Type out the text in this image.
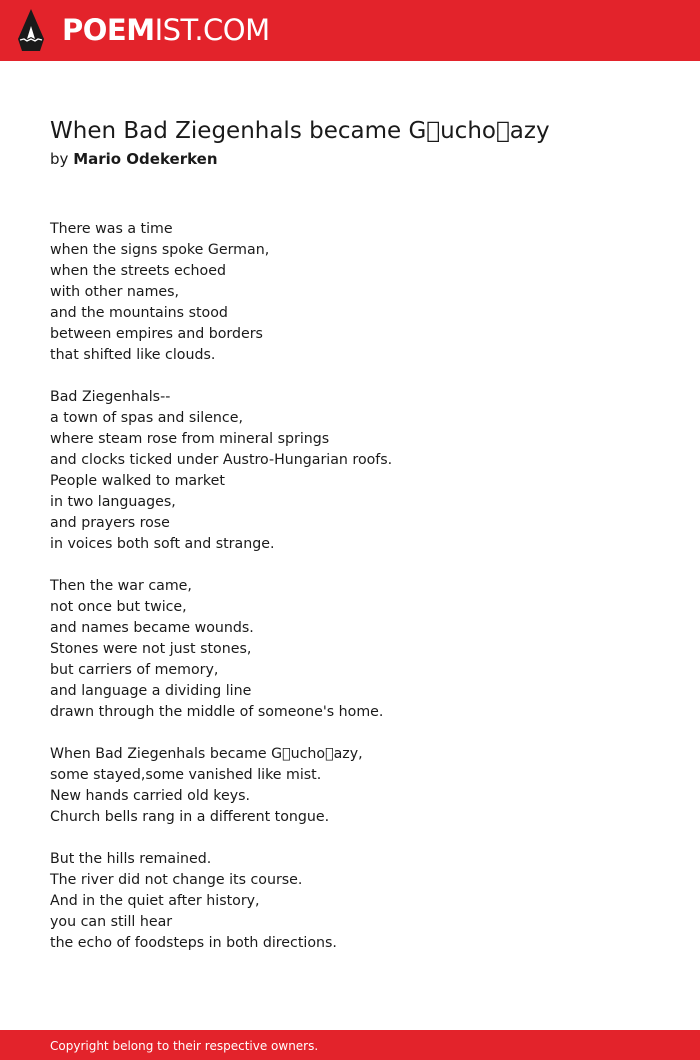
POEMIST.COM
When Bad Ziegenhals became G ucho azy
by Mario Odekerken
There was a time
when the signs spoke German,
when the streets echoed
with other names,
and the mountains stood
between empires and borders
that shifted like clouds.
Bad Ziegenhals--
a town of spas and silence,
where steam rose from mineral springs
and clocks ticked under Austro-Hungarian roofs.
People walked to market
in two languages,
and prayers rose
in voices both soft and strange.
Then the war came,
not once but twice,
and names became wounds.
Stones were not just stones,
but carriers of memory,
and language a dividing line
drawn through the middle of someone's home.
When Bad Ziegenhals became G ucho azy,
some stayed,some vanished like mist.
New hands carried old keys.
Church bells rang in a different tongue.
But the hills remained.
The river did not change its course.
And in the quiet after history,
you can still hear
the echo of foodsteps in both directions.
Copyright belong to their respective owners.
